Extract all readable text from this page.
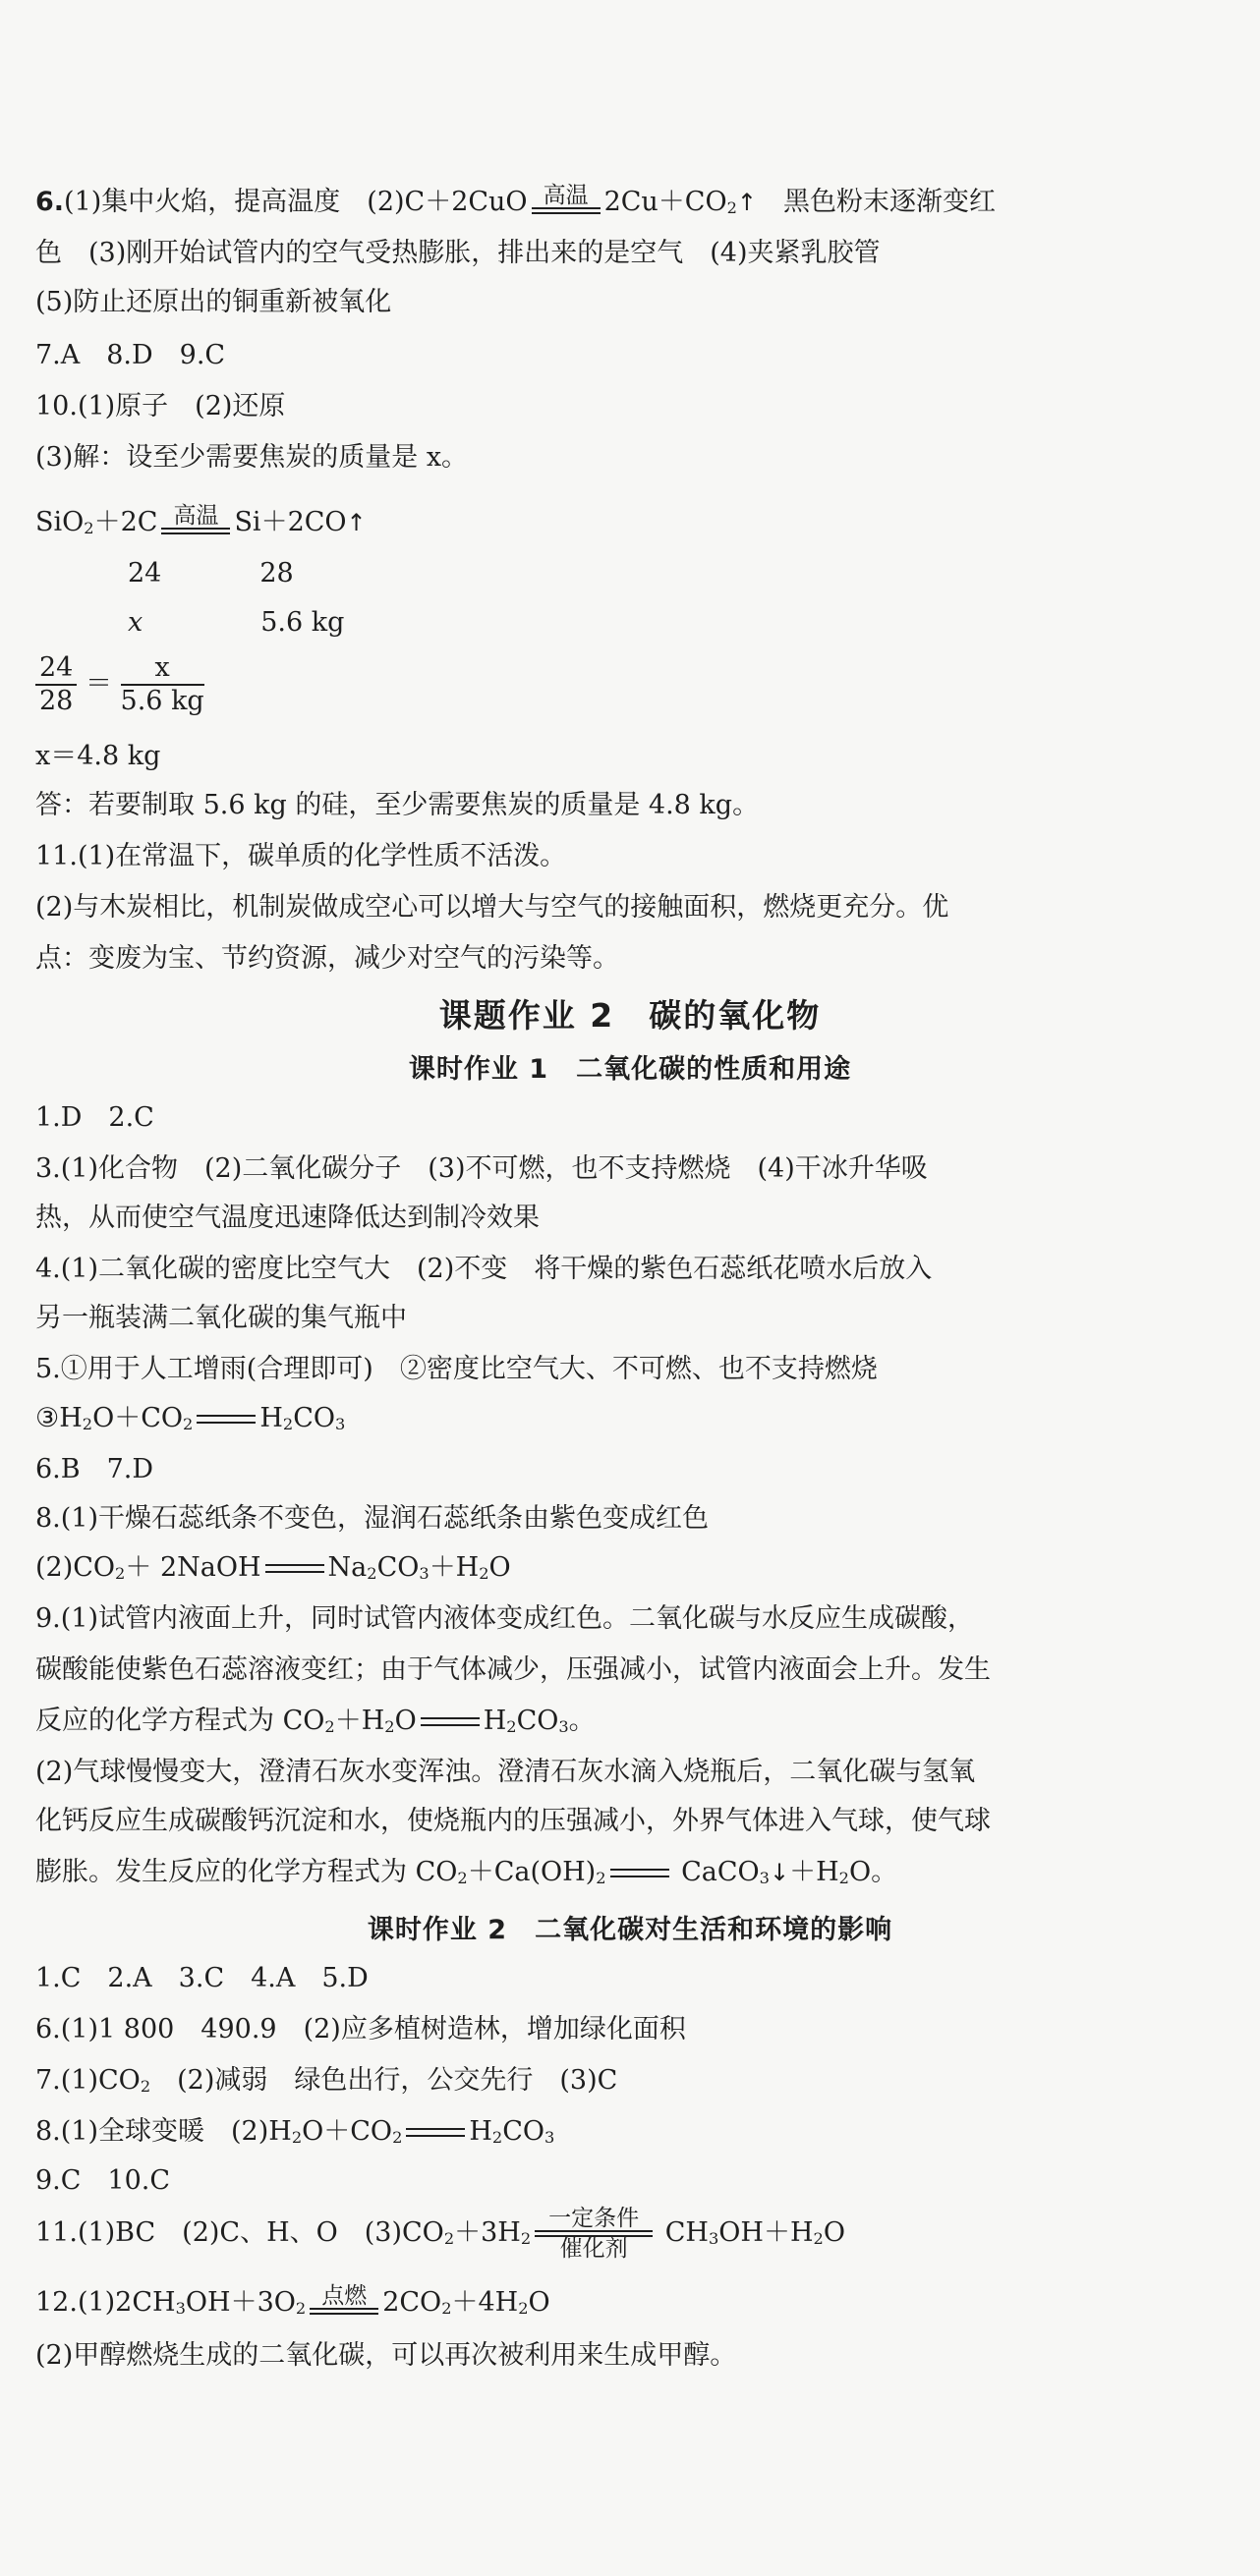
6.(1)集中火焰，提高温度　(2)C＋2CuO 高温 $2Cu+CO_2↑$　黑色粉末逐渐变红
色　(3)刚开始试管内的空气受热膨胀，排出来的是空气　(4)夹紧乳胶管
(5)防止还原出的铜重新被氧化
7.A　8.D　9.C
10.(1)原子　(2)还原
(3)解：设至少需要焦炭的质量是 x。
SiO$_2$＋2C 高温 Si＋2CO↑
24	28
x	5.6 kg
$\frac{24}{28} = \frac{x}{5.6 kg}$
x＝4.8 kg
答：若要制取 5.6 kg 的硅，至少需要焦炭的质量是 4.8 kg。
11.(1)在常温下，碳单质的化学性质不活泼。
(2)与木炭相比，机制炭做成空心可以增大与空气的接触面积，燃烧更充分。优
点：变废为宝、节约资源，减少对空气的污染等。
课题作业 2　碳的氧化物
课时作业 1　二氧化碳的性质和用途
1.D　2.C
3.(1)化合物　(2)二氧化碳分子　(3)不可燃，也不支持燃烧　(4)干冰升华吸
热，从而使空气温度迅速降低达到制冷效果
4.(1)二氧化碳的密度比空气大　(2)不变　将干燥的紫色石蕊纸花喷水后放入
另一瓶装满二氧化碳的集气瓶中
5.①用于人工增雨(合理即可)　②密度比空气大、不可燃、也不支持燃烧
$③H_2O+CO_2$	$H_2CO_3$
6.B　7.D
8.(1)干燥石蕊纸条不变色，湿润石蕊纸条由紫色变成红色
$(2)CO_2+$ 2NaOH	$Na_2CO_3+H_2O$
9.(1)试管内液面上升，同时试管内液体变成红色。二氧化碳与水反应生成碳酸，
碳酸能使紫色石蕊溶液变红；由于气体减少，压强减小，试管内液面会上升。发生
反应的化学方程式为 $CO_2+H_2O$	$H_2CO_3$。
(2)气球慢慢变大，澄清石灰水变浑浊。澄清石灰水滴入烧瓶后，二氧化碳与氢氧
化钙反应生成碳酸钙沉淀和水，使烧瓶内的压强减小，外界气体进入气球，使气球
膨胀。发生反应的化学方程式为 $CO_2+Ca(OH)_2$	$CaCO_3↓+H_2O$。
课时作业 2　二氧化碳对生活和环境的影响
1.C　2.A　3.C　4.A　5.D
6.(1)1 800　490.9　(2)应多植树造林，增加绿化面积
$7.(1)CO_2$　(2)减弱　绿色出行，公交先行　(3)C
8.(1)全球变暖　$(2)H_2O+CO_2$	$H_2CO_3$
9.C　10.C
11.(1)BC　(2)C、H、O　$(3)CO_2+3H_2$
一定条件
催化剂
$CH_3OH+H_2O$
$12.(1)2CH_3OH+3O_2$ 点燃 $2CO_2+4H_2O$
(2)甲醇燃烧生成的二氧化碳，可以再次被利用来生成甲醇。
